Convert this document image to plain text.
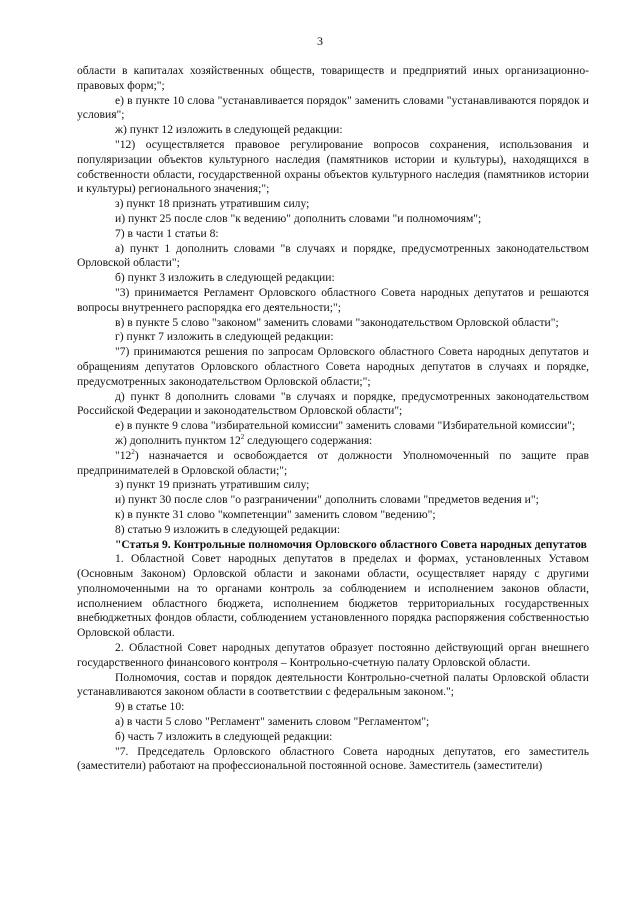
3

области в капиталах хозяйственных обществ, товариществ и предприятий иных организационно-правовых форм;";

е) в пункте 10 слова "устанавливается порядок" заменить словами "устанавливаются порядок и условия";

ж) пункт 12 изложить в следующей редакции:

"12) осуществляется правовое регулирование вопросов сохранения, использования и популяризации объектов культурного наследия (памятников истории и культуры), находящихся в собственности области, государственной охраны объектов культурного наследия (памятников истории и культуры) регионального значения;";

з) пункт 18 признать утратившим силу;

и) пункт 25 после слов "к ведению" дополнить словами "и полномочиям";

7) в части 1 статьи 8:

а) пункт 1 дополнить словами "в случаях и порядке, предусмотренных законодательством Орловской области";

б) пункт 3 изложить в следующей редакции:

"3) принимается Регламент Орловского областного Совета народных депутатов и решаются вопросы внутреннего распорядка его деятельности;";

в) в пункте 5 слово "законом" заменить словами "законодательством Орловской области";

г) пункт 7 изложить в следующей редакции:

"7) принимаются решения по запросам Орловского областного Совета народных депутатов и обращениям депутатов Орловского областного Совета народных депутатов в случаях и порядке, предусмотренных законодательством Орловской области;";

д) пункт 8 дополнить словами "в случаях и порядке, предусмотренных законодательством Российской Федерации и законодательством Орловской области";

е) в пункте 9 слова "избирательной комиссии" заменить словами "Избирательной комиссии";

ж) дополнить пунктом $12^2$ следующего содержания:

"$12^2$) назначается и освобождается от должности Уполномоченный по защите прав предпринимателей в Орловской области;";

з) пункт 19 признать утратившим силу;

и) пункт 30 после слов "о разграничении" дополнить словами "предметов ведения и";

к) в пункте 31 слово "компетенции" заменить словом "ведению";

8) статью 9 изложить в следующей редакции:

"Статья 9. Контрольные полномочия Орловского областного Совета народных депутатов

1. Областной Совет народных депутатов в пределах и формах, установленных Уставом (Основным Законом) Орловской области и законами области, осуществляет наряду с другими уполномоченными на то органами контроль за соблюдением и исполнением законов области, исполнением областного бюджета, исполнением бюджетов территориальных государственных внебюджетных фондов области, соблюдением установленного порядка распоряжения собственностью Орловской области.

2. Областной Совет народных депутатов образует постоянно действующий орган внешнего государственного финансового контроля – Контрольно-счетную палату Орловской области.

Полномочия, состав и порядок деятельности Контрольно-счетной палаты Орловской области устанавливаются законом области в соответствии с федеральным законом.";

9) в статье 10:

а) в части 5 слово "Регламент" заменить словом "Регламентом";

б) часть 7 изложить в следующей редакции:

"7. Председатель Орловского областного Совета народных депутатов, его заместитель (заместители) работают на профессиональной постоянной основе. Заместитель (заместители)
